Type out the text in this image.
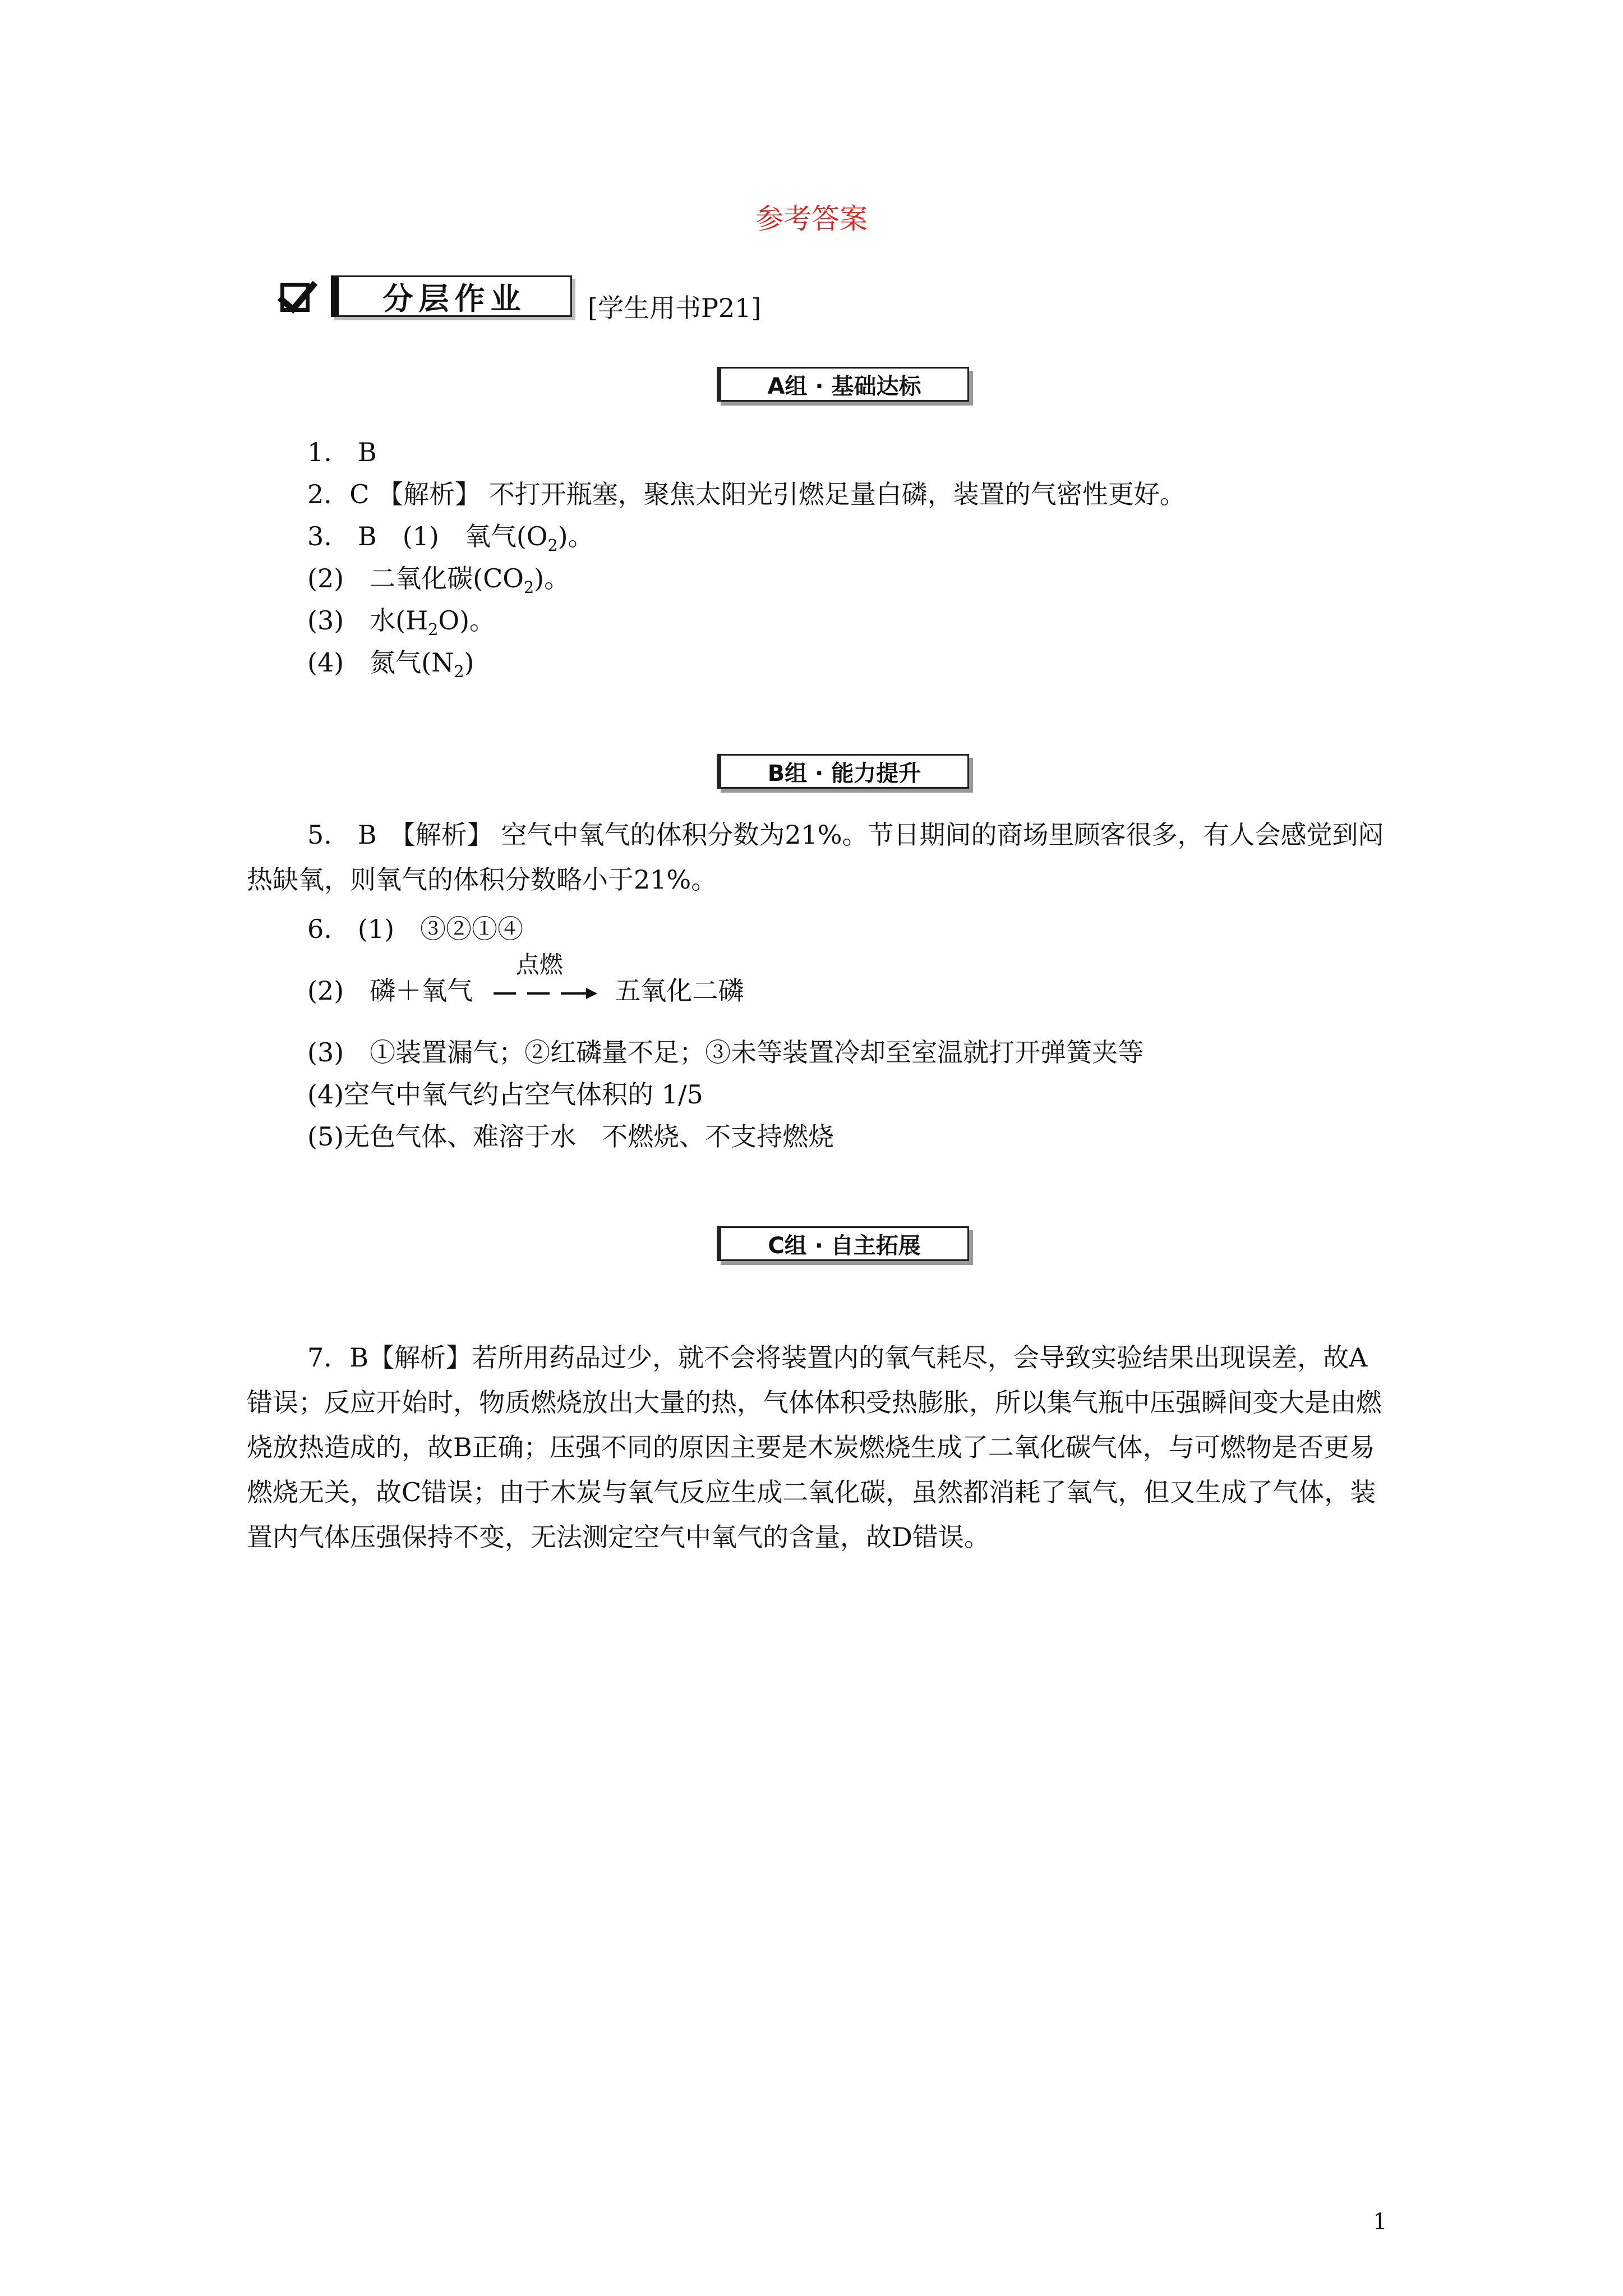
参考答案
分层作业	[学生用书P21]
A组 · 基础达标
1.　B
2．C 【解析】 不打开瓶塞，聚焦太阳光引燃足量白磷，装置的气密性更好。
3.　B　(1)　氧气$(O_2)$。
(2)　二氧化碳$(CO_2)$。
(3)　水$(H_2O)$。
(4)　氮气$(N_2)$
B组 · 能力提升
5.　B　【解析】 空气中氧气的体积分数为21%。节日期间的商场里顾客很多，有人会感觉到闷热缺氧，则氧气的体积分数略小于21%。
6.　(1)　③②①④
(2)　磷＋氧气
点燃
五氧化二磷
(3)　①装置漏气；②红磷量不足；③未等装置冷却至室温就打开弹簧夹等
(4)空气中氧气约占空气体积的 1/5
(5)无色气体、难溶于水　不燃烧、不支持燃烧
C组 · 自主拓展
7．B【解析】若所用药品过少，就不会将装置内的氧气耗尽，会导致实验结果出现误差，故A错误；反应开始时，物质燃烧放出大量的热，气体体积受热膨胀，所以集气瓶中压强瞬间变大是由燃烧放热造成的，故B正确；压强不同的原因主要是木炭燃烧生成了二氧化碳气体，与可燃物是否更易燃烧无关，故C错误；由于木炭与氧气反应生成二氧化碳，虽然都消耗了氧气，但又生成了气体，装置内气体压强保持不变，无法测定空气中氧气的含量，故D错误。
1
